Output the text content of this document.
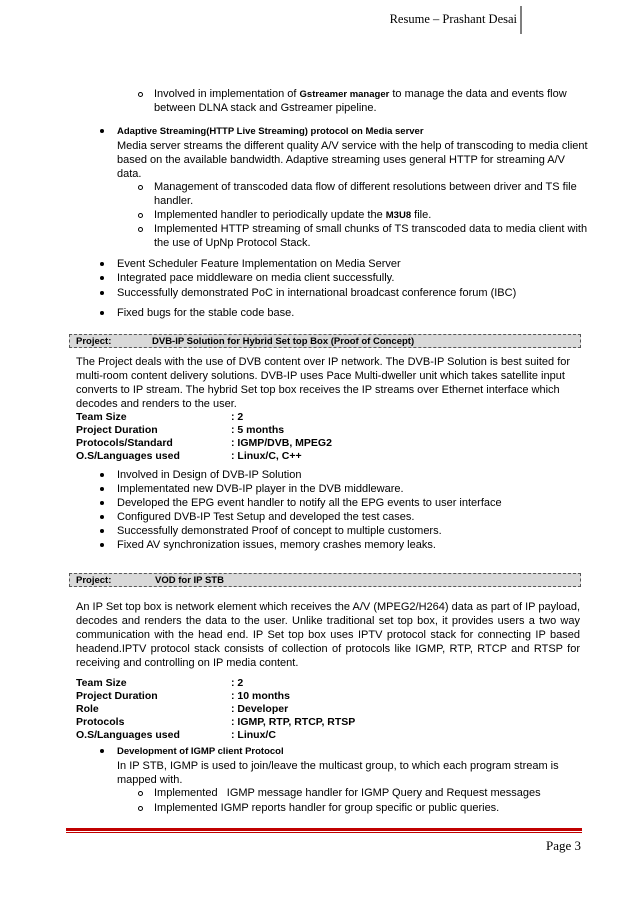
Resume – Prashant Desai
Involved in implementation of Gstreamer manager to manage the data and events flow
between DLNA stack and Gstreamer pipeline.
Adaptive Streaming(HTTP Live Streaming) protocol on Media server
Media server streams the different quality A/V service with the help of transcoding to media client
based on the available bandwidth. Adaptive streaming uses general HTTP for streaming A/V
data.
Management of transcoded data flow of different resolutions between driver and TS file
handler.
Implemented handler to periodically update the M3U8 file.
Implemented HTTP streaming of small chunks of TS transcoded data to media client with
the use of UpNp Protocol Stack.
Event Scheduler Feature Implementation on Media Server
Integrated pace middleware on media client successfully.
Successfully demonstrated PoC in international broadcast conference forum (IBC)
Fixed bugs for the stable code base.
Project:	DVB-IP Solution for Hybrid Set top Box (Proof of Concept)
The Project deals with the use of DVB content over IP network. The DVB-IP Solution is best suited for
multi-room content delivery solutions. DVB-IP uses Pace Multi-dweller unit which takes satellite input
converts to IP stream. The hybrid Set top box receives the IP streams over Ethernet interface which
decodes and renders to the user.
Team Size	: 2
Project Duration	: 5 months
Protocols/Standard	: IGMP/DVB, MPEG2
O.S/Languages used	: Linux/C, C++
Involved in Design of DVB-IP Solution
Implementated new DVB-IP player in the DVB middleware.
Developed the EPG event handler to notify all the EPG events to user interface
Configured DVB-IP Test Setup and developed the test cases.
Successfully demonstrated Proof of concept to multiple customers.
Fixed AV synchronization issues, memory crashes memory leaks.
Project:	VOD for IP STB
An IP Set top box is network element which receives the A/V (MPEG2/H264) data as part of IP payload,
decodes and renders the data to the user. Unlike traditional set top box, it provides users a two way
communication with the head end. IP Set top box uses IPTV protocol stack for connecting IP based
headend.IPTV protocol stack consists of collection of protocols like IGMP, RTP, RTCP and RTSP for
receiving and controlling on IP media content.
Team Size	: 2
Project Duration	: 10 months
Role	: Developer
Protocols	: IGMP, RTP, RTCP, RTSP
O.S/Languages used	: Linux/C
Development of IGMP client Protocol
In IP STB, IGMP is used to join/leave the multicast group, to which each program stream is
mapped with.
Implemented   IGMP message handler for IGMP Query and Request messages
Implemented IGMP reports handler for group specific or public queries.
Page 3
